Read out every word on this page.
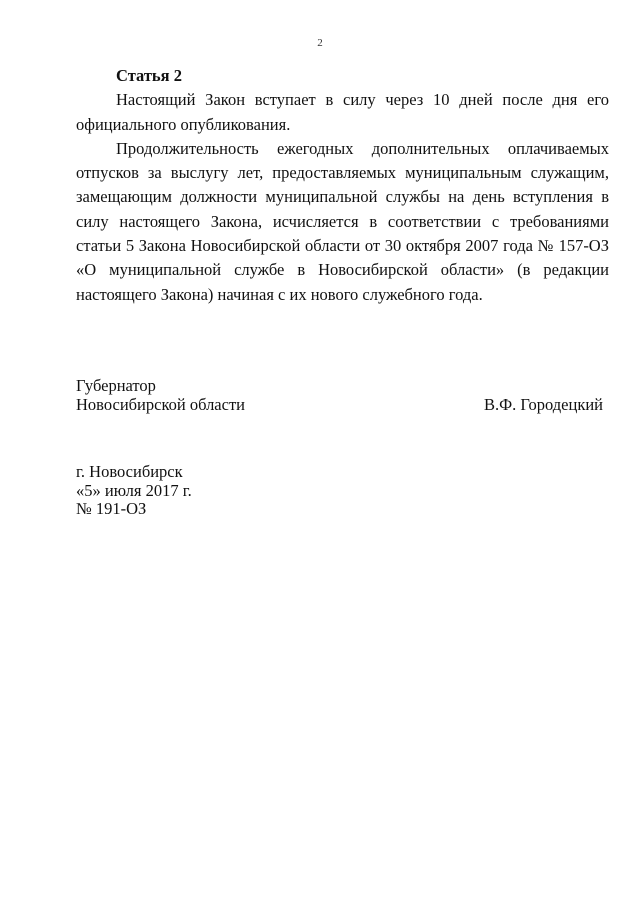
2

Статья 2

Настоящий Закон вступает в силу через 10 дней после дня его официального опубликования.

Продолжительность ежегодных дополнительных оплачиваемых отпусков за выслугу лет, предоставляемых муниципальным служащим, замещающим должности муниципальной службы на день вступления в силу настоящего Закона, исчисляется в соответствии с требованиями статьи 5 Закона Новосибирской области от 30 октября 2007 года № 157-ОЗ «О муниципальной службе в Новосибирской области» (в редакции настоящего Закона) начиная с их нового служебного года.

Губернатор
Новосибирской области	В.Ф. Городецкий
г. Новосибирск
«5» июля 2017 г.
№ 191-ОЗ
